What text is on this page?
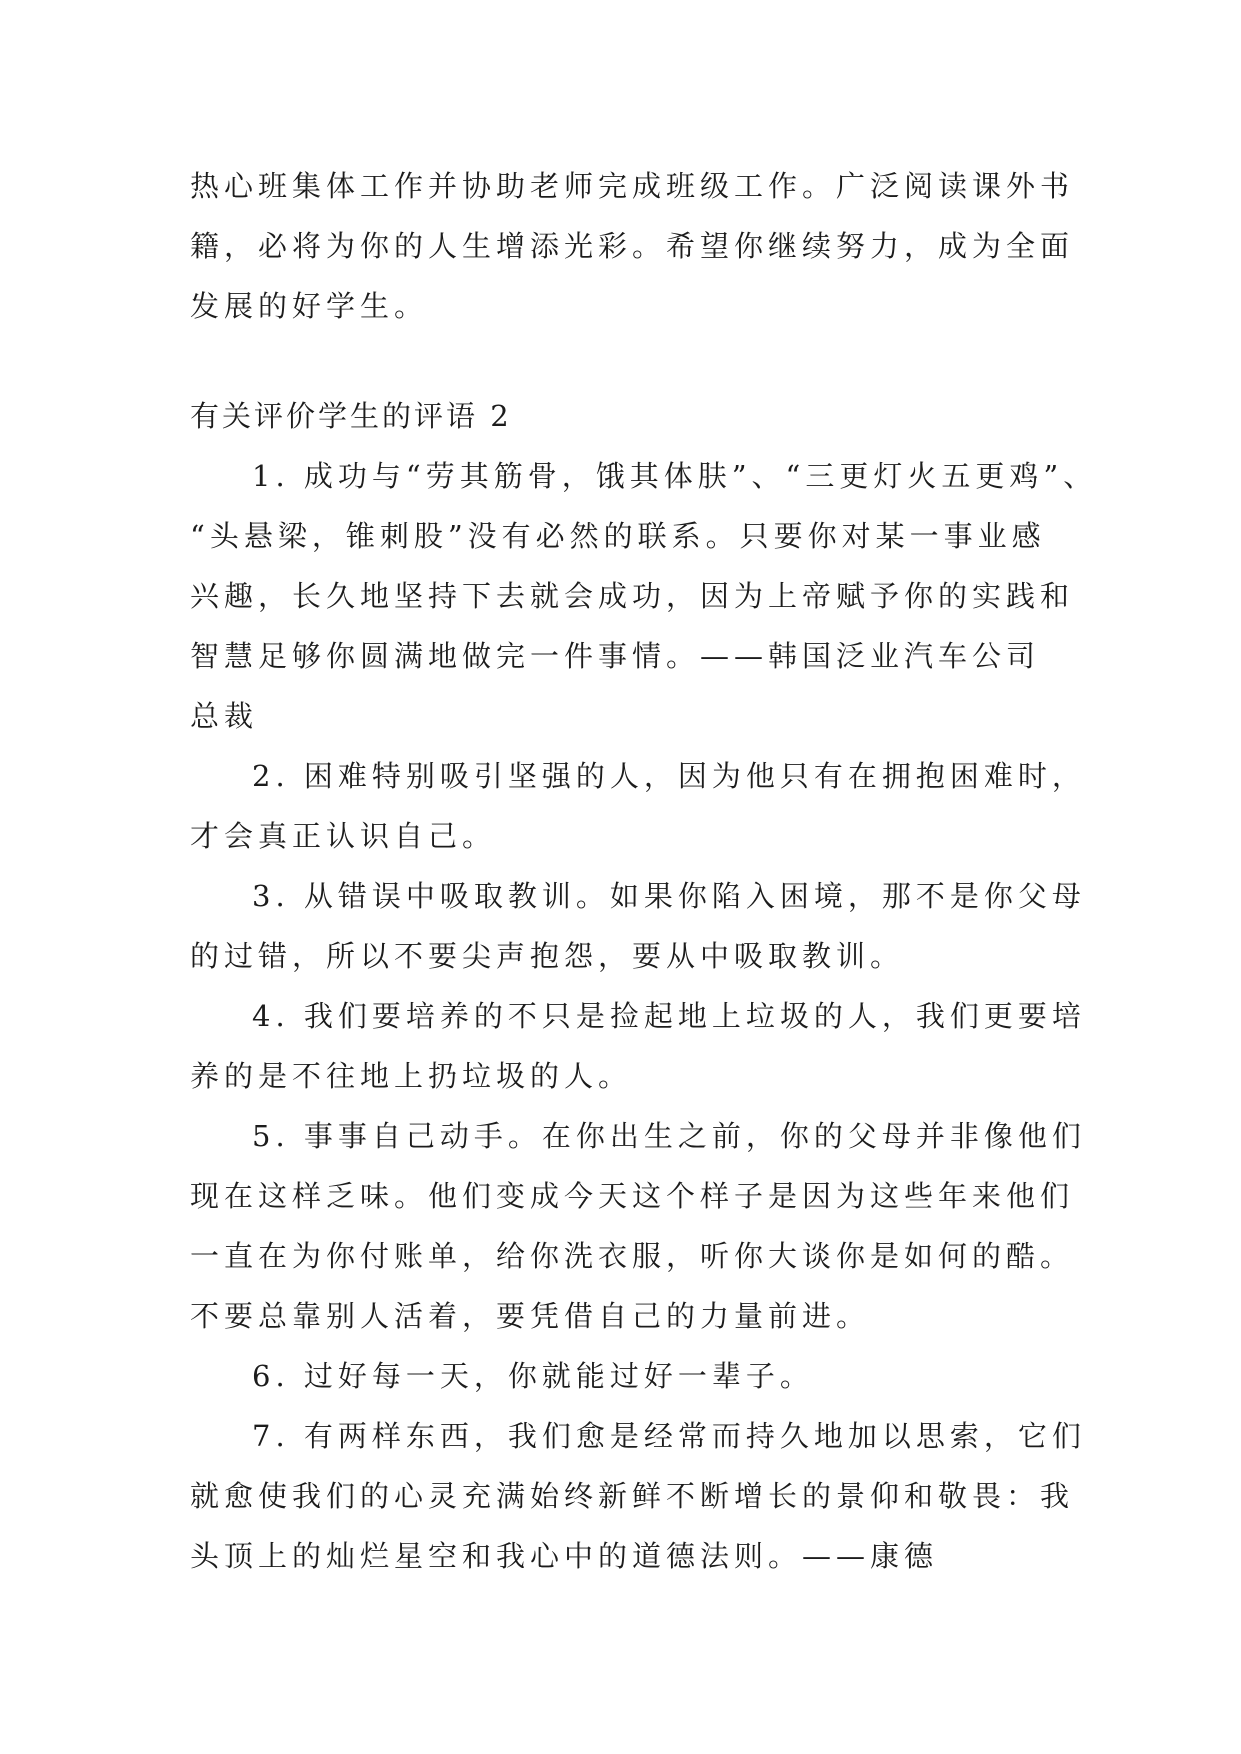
热心班集体工作并协助老师完成班级工作。广泛阅读课外书
籍，必将为你的人生增添光彩。希望你继续努力，成为全面
发展的好学生。
有关评价学生的评语 2
1. 成功与“劳其筋骨，饿其体肤”、“三更灯火五更鸡”、
“头悬梁，锥刺股”没有必然的联系。只要你对某一事业感
兴趣，长久地坚持下去就会成功，因为上帝赋予你的实践和
智慧足够你圆满地做完一件事情。——韩国泛业汽车公司
总裁
2. 困难特别吸引坚强的人，因为他只有在拥抱困难时，
才会真正认识自己。
3. 从错误中吸取教训。如果你陷入困境，那不是你父母
的过错，所以不要尖声抱怨，要从中吸取教训。
4. 我们要培养的不只是捡起地上垃圾的人，我们更要培
养的是不往地上扔垃圾的人。
5. 事事自己动手。在你出生之前，你的父母并非像他们
现在这样乏味。他们变成今天这个样子是因为这些年来他们
一直在为你付账单，给你洗衣服，听你大谈你是如何的酷。
不要总靠别人活着，要凭借自己的力量前进。
6. 过好每一天，你就能过好一辈子。
7. 有两样东西，我们愈是经常而持久地加以思索，它们
就愈使我们的心灵充满始终新鲜不断增长的景仰和敬畏：我
头顶上的灿烂星空和我心中的道德法则。——康德
